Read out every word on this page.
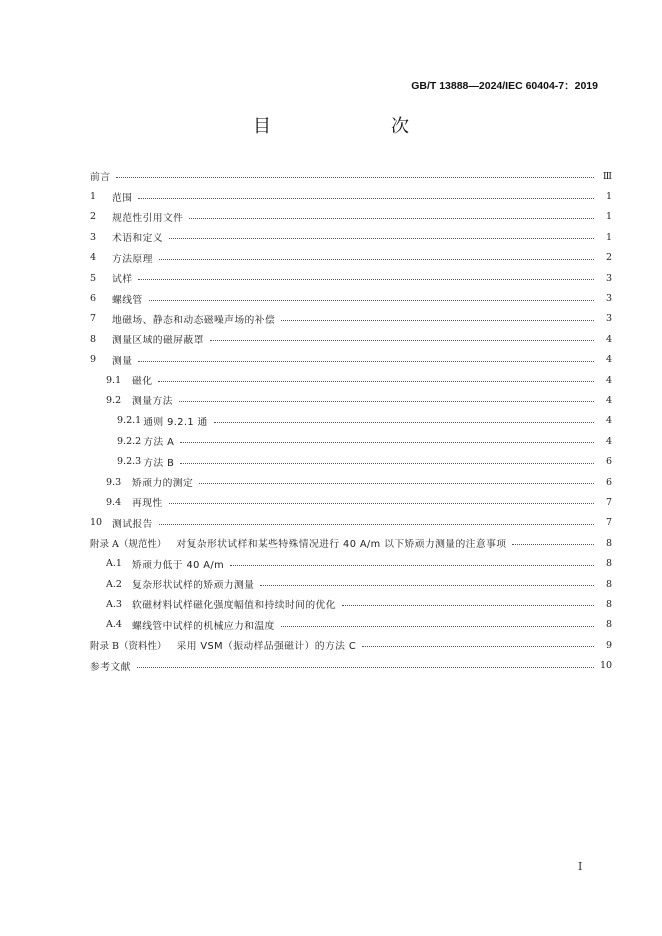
GB/T 13888—2024/IEC 60404-7：2019
目　　次
前言	Ⅲ
1	范围	1
2	规范性引用文件	1
3	术语和定义	1
4	方法原理	2
5	试样	3
6	螺线管	3
7	地磁场、静态和动态磁噪声场的补偿	3
8	测量区域的磁屏蔽罩	4
9	测量	4
9.1	磁化	4
9.2	测量方法	4
9.2.1 通则 9.2.1 通	4
9.2.2 方法 A	4
9.2.3 方法 B	6
9.3	矫顽力的测定	6
9.4	再现性	7
10	测试报告	7
附录 A（规范性） 对复杂形状试样和某些特殊情况进行 40 A/m 以下矫顽力测量的注意事项	8
A.1	矫顽力低于 40 A/m	8
A.2	复杂形状试样的矫顽力测量	8
A.3	软磁材料试样磁化强度幅值和持续时间的优化	8
A.4	螺线管中试样的机械应力和温度	8
附录 B（资料性） 采用 VSM（振动样品强磁计）的方法 C	9
参考文献	10
I
